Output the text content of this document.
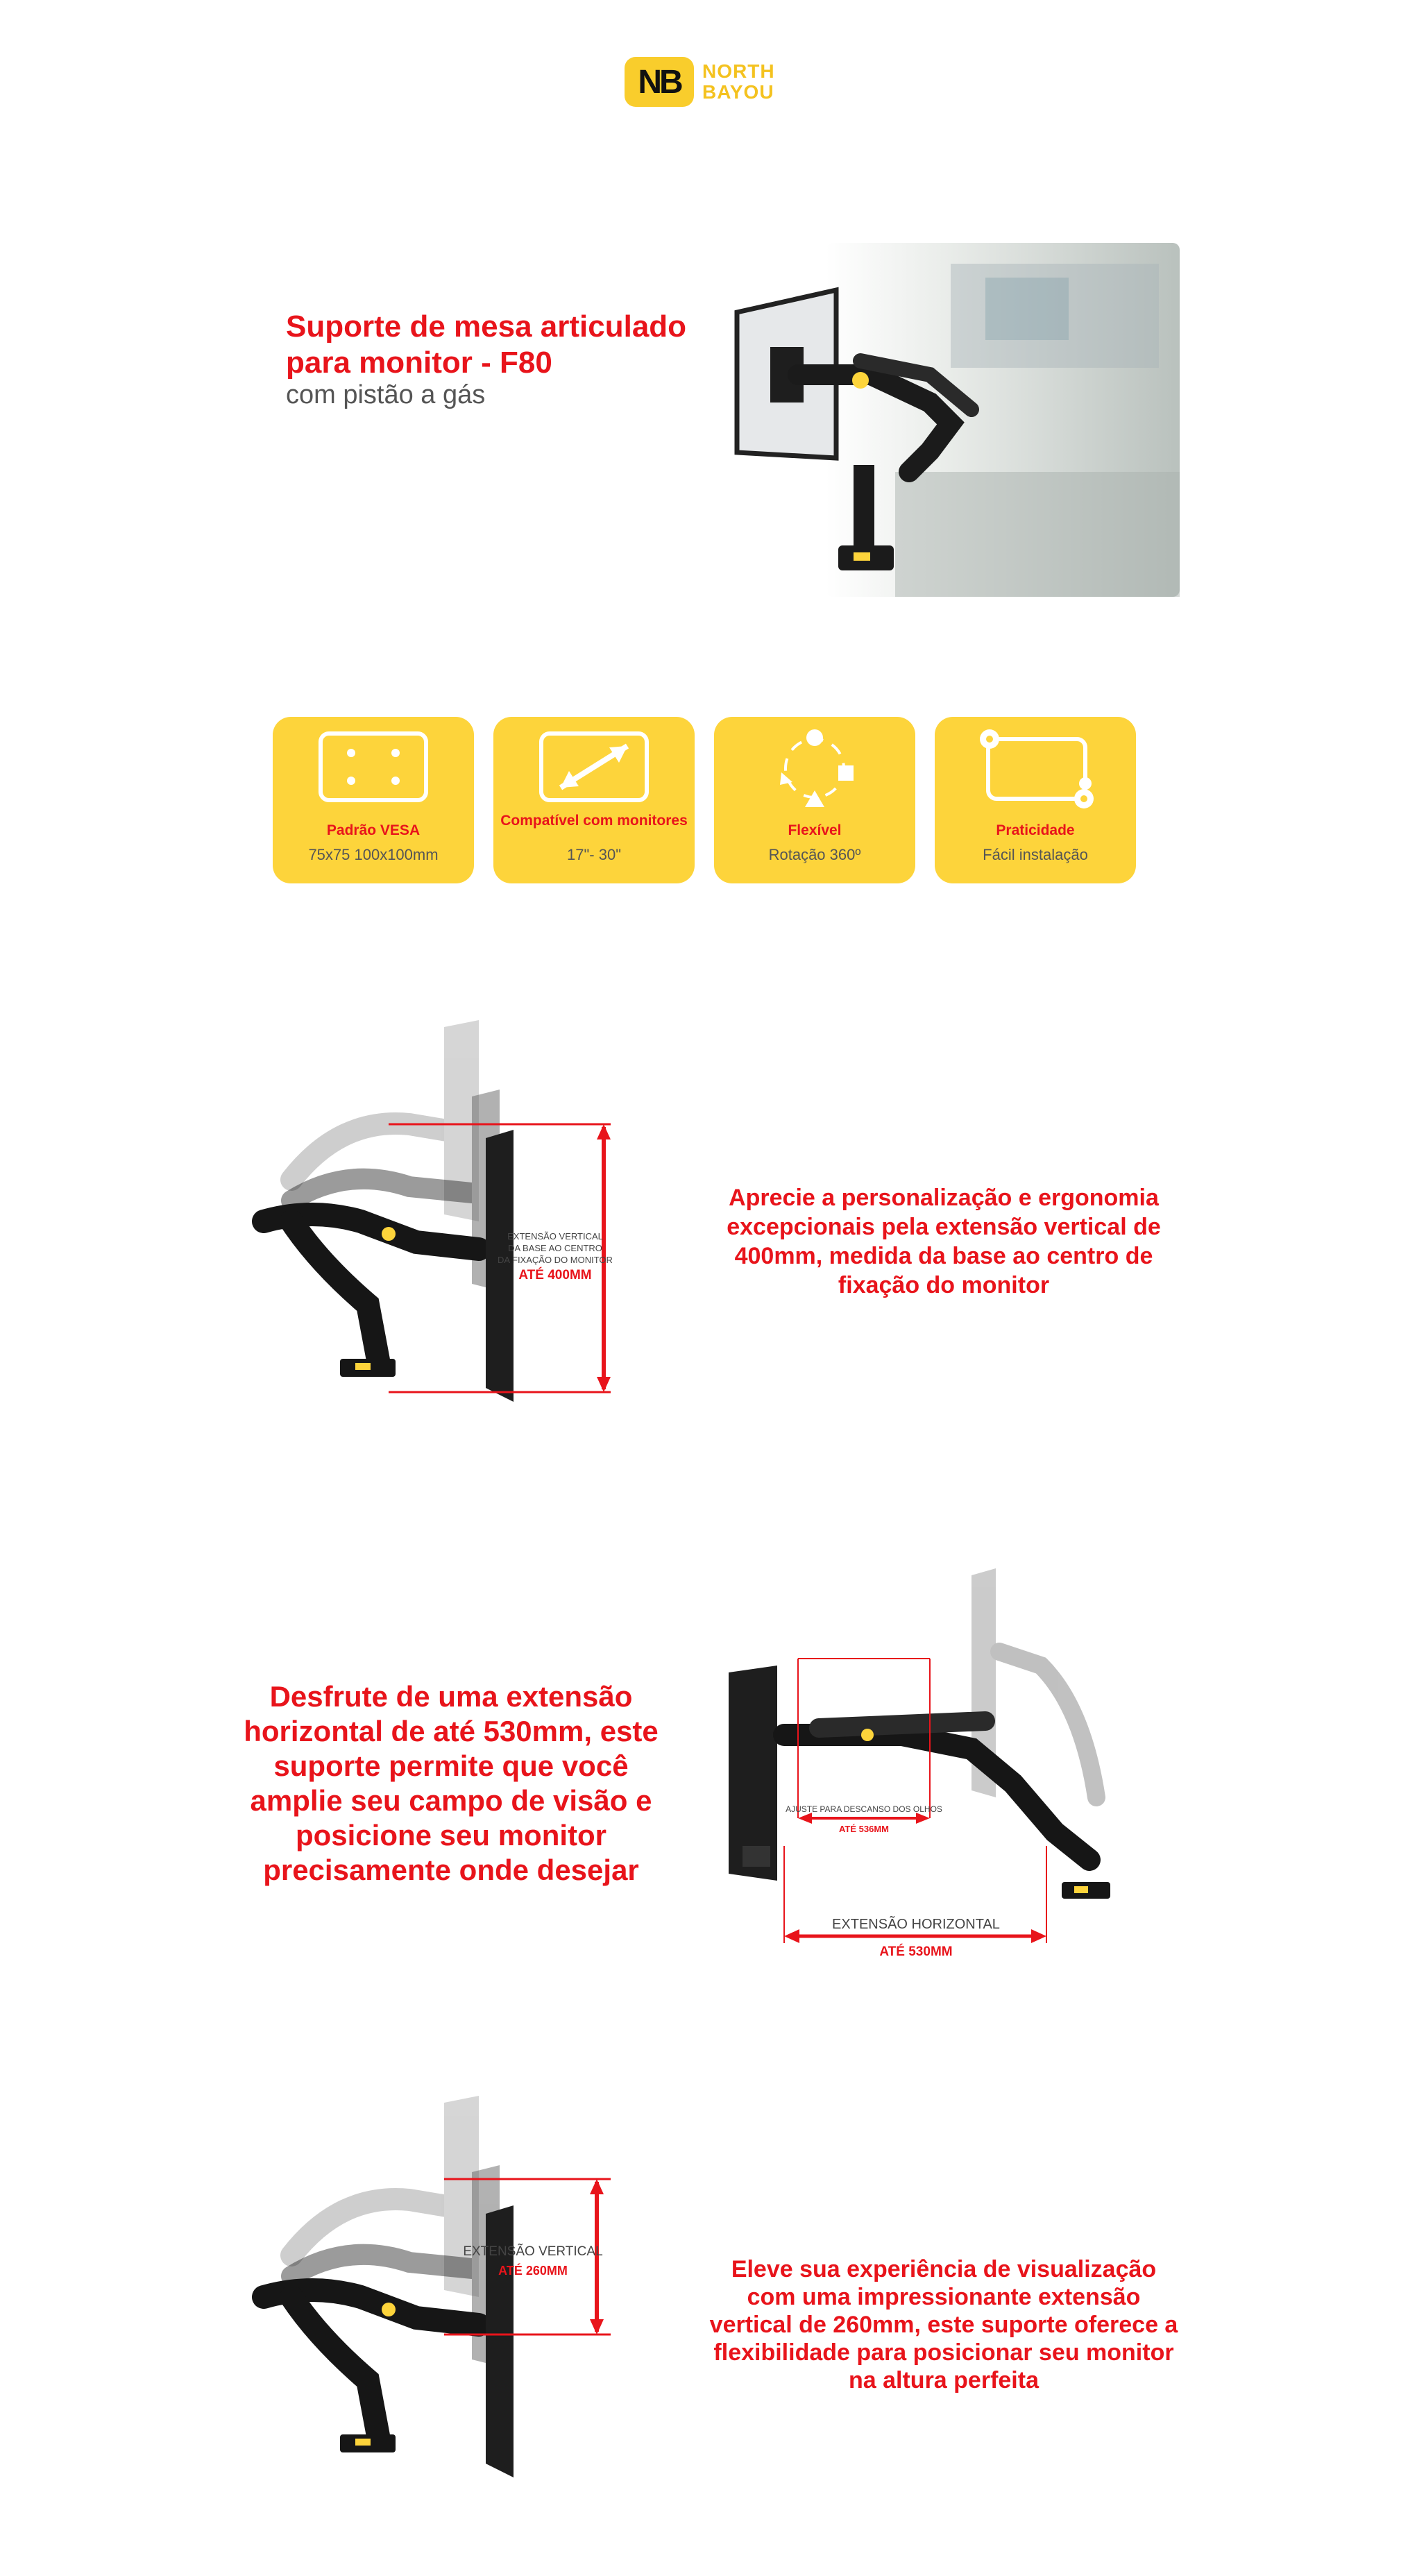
NB	NORTH
BAYOU
Suporte de mesa articulado para monitor - F80
com pistão a gás
Padrão VESA
75x75 100x100mm
Compatível com monitores
17"- 30"
Flexível
Rotação 360º
Praticidade
Fácil instalação
EXTENSÃO VERTICAL
DA BASE AO CENTRO
DA FIXAÇÃO DO MONITOR
ATÉ 400MM
Aprecie a personalização e ergonomia excepcionais pela extensão vertical de 400mm, medida da base ao centro de fixação do monitor
Desfrute de uma extensão horizontal de até 530mm, este suporte permite que você amplie seu campo de visão e posicione seu monitor precisamente onde desejar
AJUSTE PARA DESCANSO DOS OLHOS
ATÉ 536MM
EXTENSÃO HORIZONTAL
ATÉ 530MM
EXTENSÃO VERTICAL
ATÉ 260MM	Eleve sua experiência de visualização com uma impressionante extensão vertical de 260mm, este suporte oferece a flexibilidade para posicionar seu monitor na altura perfeita
